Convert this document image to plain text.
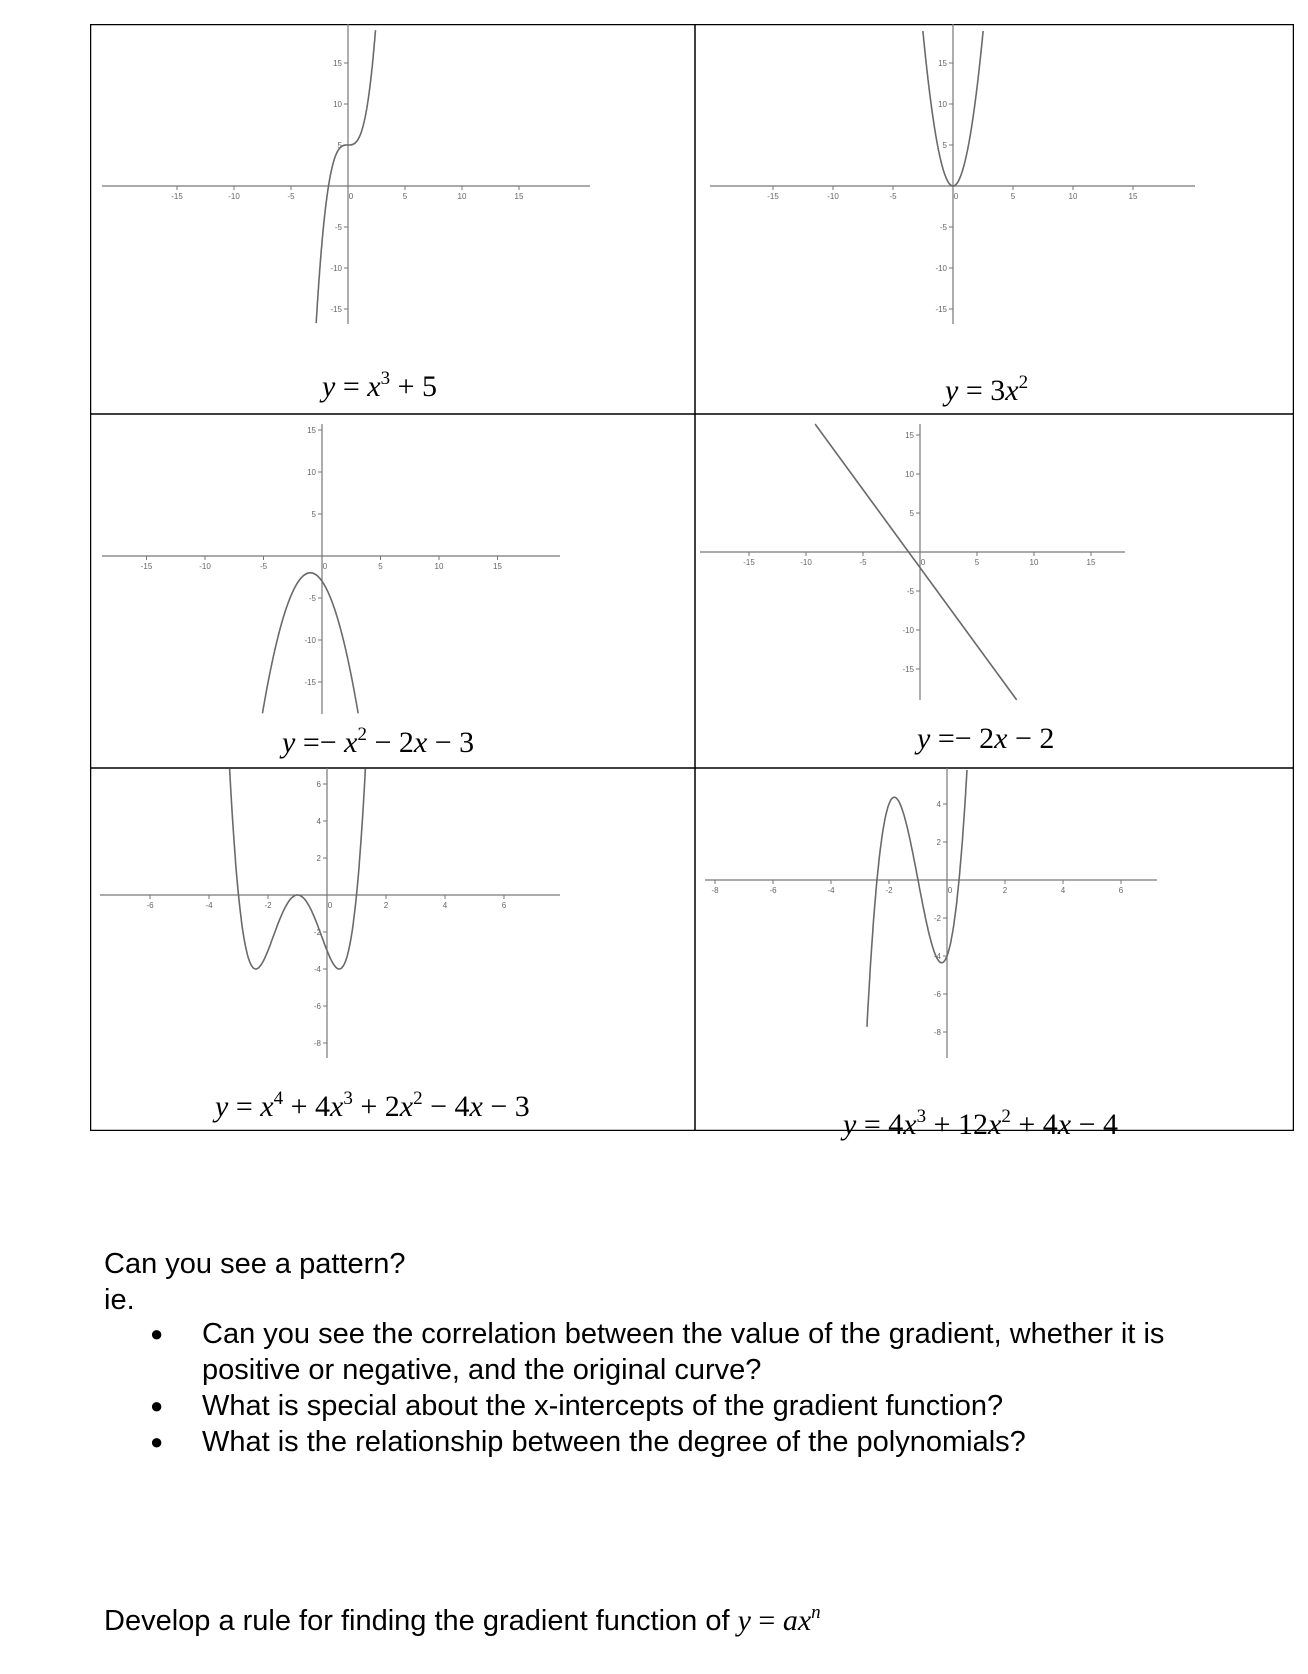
-15	-10	-5	0	5	10	15
-15
-10
-5
5
10
15
$y = x^3 + 5$
-15	-10	-5	0	5	10	15
-15
-10
-5
5
10
15
$y = 3x^2$
-15	-10	-5	0	5	10	15
-15
-10
-5
5
10
15
$y =- x^2 - 2x - 3$
-15	-10	-5	0	5	10	15
-15
-10
-5
5
10
15
y =− 2x − 2
-6	-4	-2	0	2	4	6
-8
-6
-4
-2
2
4
6
$y = x^4 + 4x^3 + 2x^2 - 4x - 3$
-8	-6	-4	-2	0	2	4	6
-8
-6
-4
-2
2
4
$y = 4x^3 + 12x^2 + 4x - 4$
Can you see a pattern?
ie.
● Can you see the correlation between the value of the gradient, whether it is
positive or negative, and the original curve?
● What is special about the x-intercepts of the gradient function?
● What is the relationship between the degree of the polynomials?
Develop a rule for finding the gradient function of $y = ax^n$
